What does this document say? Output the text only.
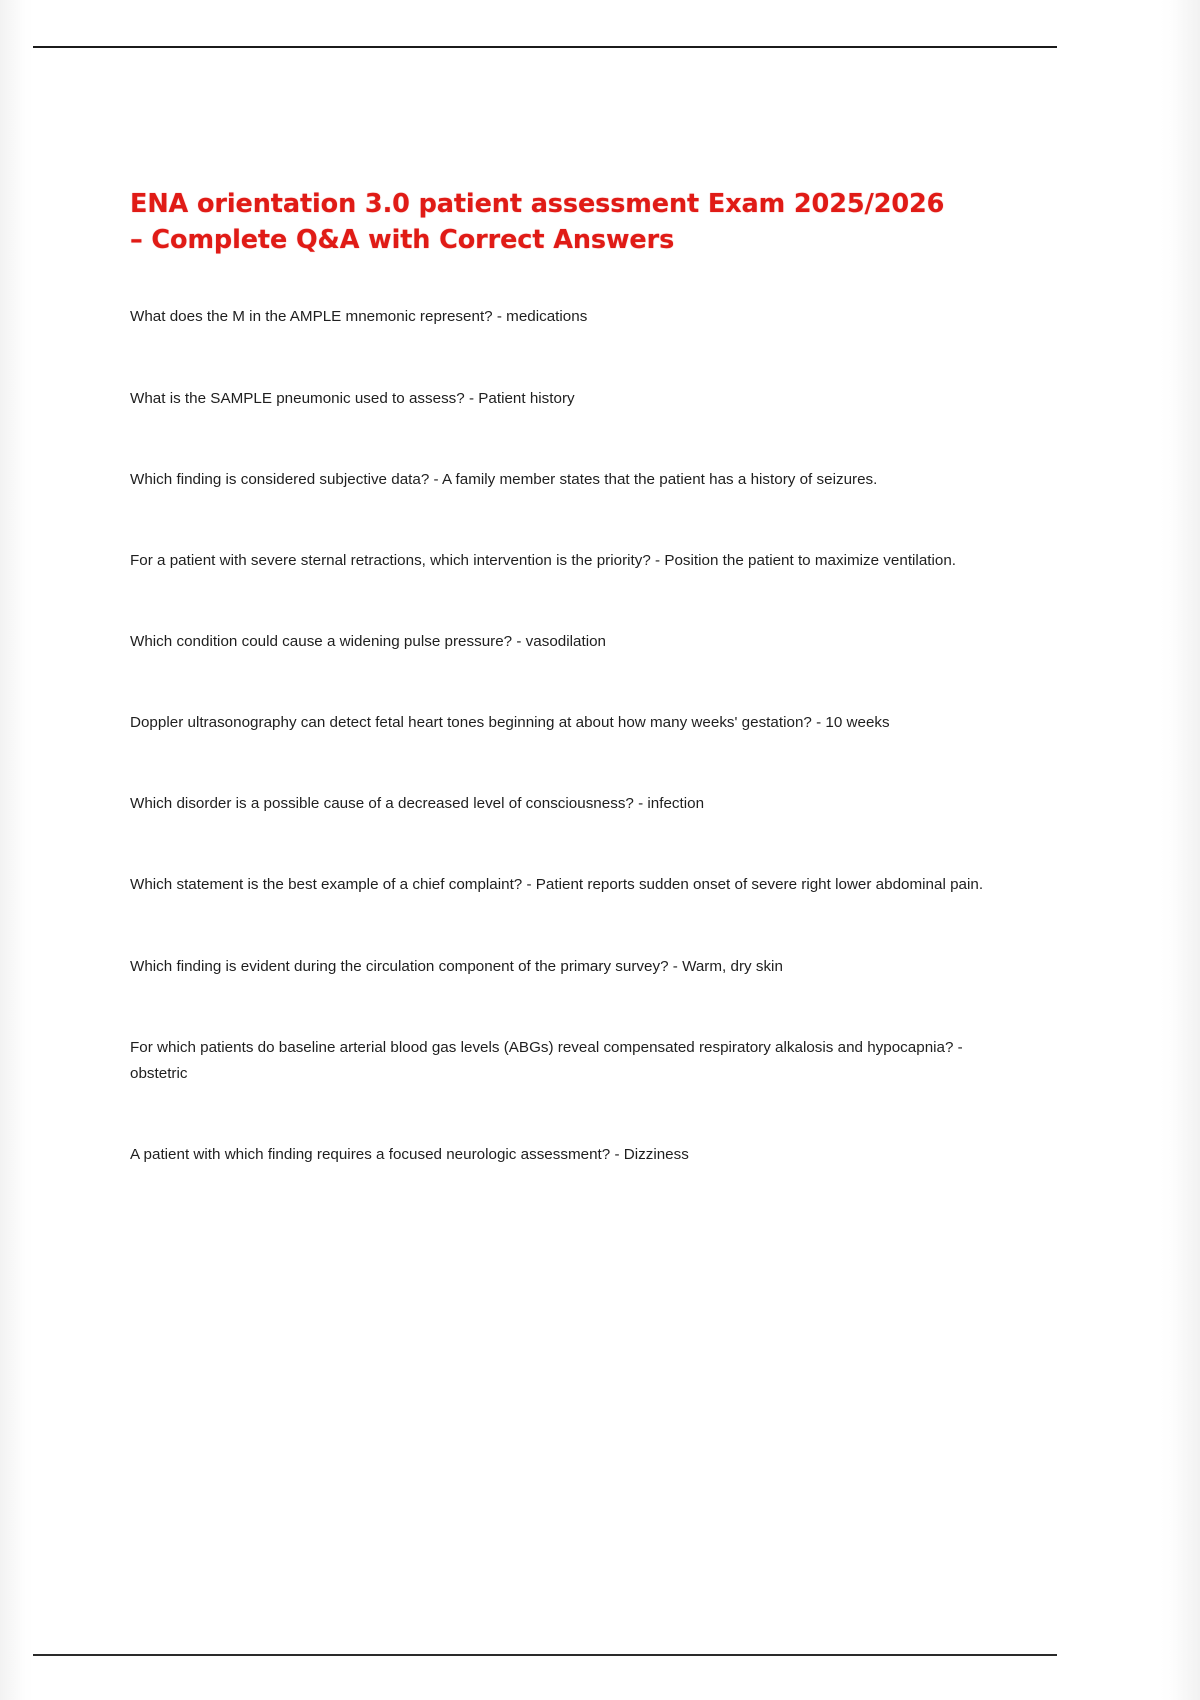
ENA orientation 3.0 patient assessment Exam 2025/2026 – Complete Q&A with Correct Answers

What does the M in the AMPLE mnemonic represent? - medications

What is the SAMPLE pneumonic used to assess? - Patient history

Which finding is considered subjective data? - A family member states that the patient has a history of seizures.

For a patient with severe sternal retractions, which intervention is the priority? - Position the patient to maximize ventilation.

Which condition could cause a widening pulse pressure? - vasodilation

Doppler ultrasonography can detect fetal heart tones beginning at about how many weeks' gestation? - 10 weeks

Which disorder is a possible cause of a decreased level of consciousness? - infection

Which statement is the best example of a chief complaint? - Patient reports sudden onset of severe right lower abdominal pain.

Which finding is evident during the circulation component of the primary survey? - Warm, dry skin

For which patients do baseline arterial blood gas levels (ABGs) reveal compensated respiratory alkalosis and hypocapnia? - obstetric

A patient with which finding requires a focused neurologic assessment? - Dizziness
